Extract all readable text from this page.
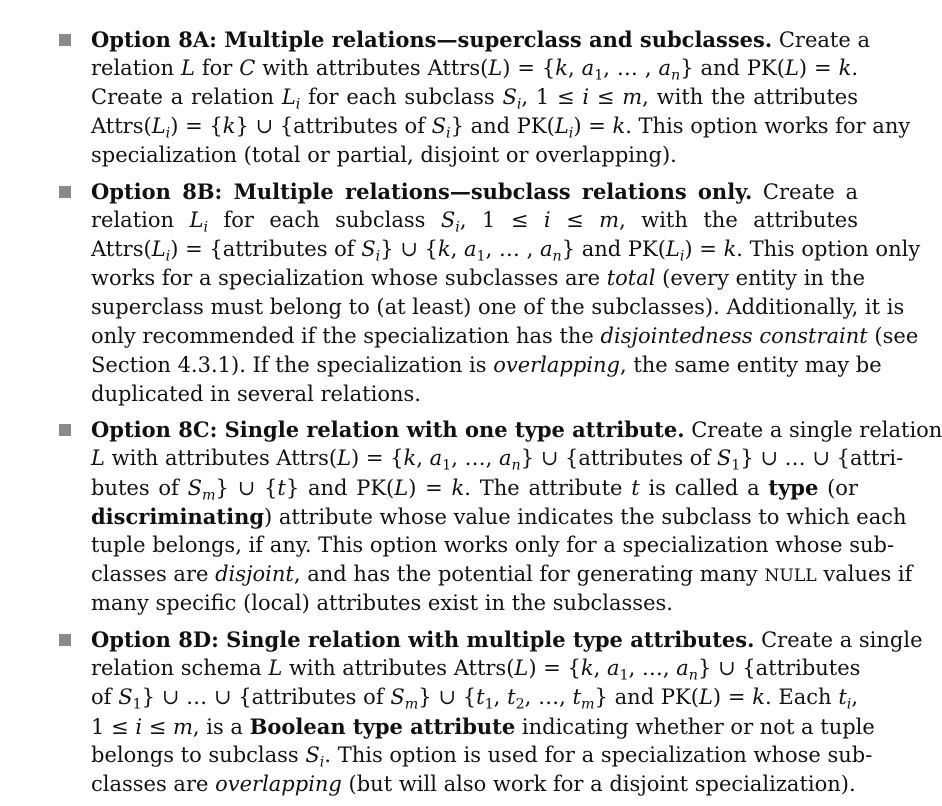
Option 8A: Multiple relations—superclass and subclasses. Create a
relation L for C with attributes Attrs(L) = {k, $a_1$, … , $a_n$} and PK(L) = k.
Create a relation $L_i$ for each subclass $S_i$, 1 ≤ i ≤ m, with the attributes
$Attrs(L_i) = \{k\}$ ∪ {attributes of $S_i$} and $PK(L_i) = k$. This option works for any
specialization (total or partial, disjoint or overlapping).
Option 8B: Multiple relations—subclass relations only. Create a
relation $L_i$ for each subclass $S_i$, 1 ≤ i ≤ m, with the attributes
$Attrs(L_i)$ = {attributes of $S_i$} ∪ {k, $a_1$, … , $a_n$} and $PK(L_i) = k$. This option only
works for a specialization whose subclasses are total (every entity in the
superclass must belong to (at least) one of the subclasses). Additionally, it is
only recommended if the specialization has the disjointedness constraint (see
Section 4.3.1). If the specialization is overlapping, the same entity may be
duplicated in several relations.
Option 8C: Single relation with one type attribute. Create a single relation
L with attributes Attrs(L) = {k, $a_1$, …, $a_n$} ∪ {attributes of $S_1$} ∪ … ∪ {attri-
butes of $S_m$} ∪ {t} and PK(L) = k. The attribute t is called a type (or
discriminating) attribute whose value indicates the subclass to which each
tuple belongs, if any. This option works only for a specialization whose sub-
classes are disjoint, and has the potential for generating many NULL values if
many specific (local) attributes exist in the subclasses.
Option 8D: Single relation with multiple type attributes. Create a single
relation schema L with attributes Attrs(L) = {k, $a_1$, …, $a_n$} ∪ {attributes
of $S_1$} ∪ … ∪ {attributes of $S_m$} ∪ {$t_1$, $t_2$, …, $t_m$} and PK(L) = k. Each $t_i$,
1 ≤ i ≤ m, is a Boolean type attribute indicating whether or not a tuple
belongs to subclass $S_i$. This option is used for a specialization whose sub-
classes are overlapping (but will also work for a disjoint specialization).
